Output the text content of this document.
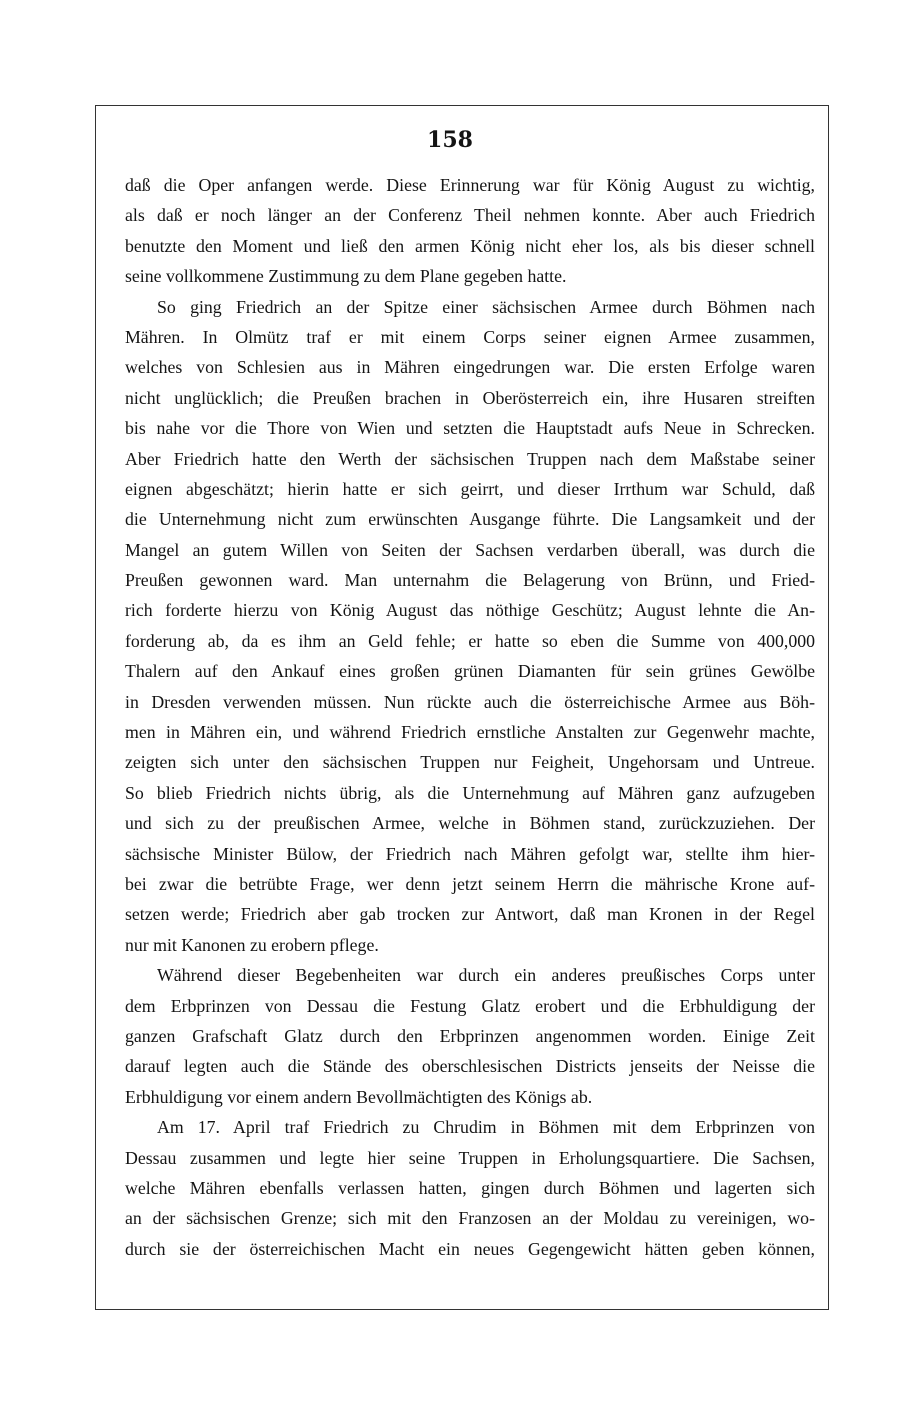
158
daß die Oper anfangen werde. Diese Erinnerung war für König August zu wichtig,
als daß er noch länger an der Conferenz Theil nehmen konnte. Aber auch Friedrich
benutzte den Moment und ließ den armen König nicht eher los, als bis dieser schnell
seine vollkommene Zustimmung zu dem Plane gegeben hatte.
So ging Friedrich an der Spitze einer sächsischen Armee durch Böhmen nach
Mähren. In Olmütz traf er mit einem Corps seiner eignen Armee zusammen,
welches von Schlesien aus in Mähren eingedrungen war. Die ersten Erfolge waren
nicht unglücklich; die Preußen brachen in Oberösterreich ein, ihre Husaren streiften
bis nahe vor die Thore von Wien und setzten die Hauptstadt aufs Neue in Schrecken.
Aber Friedrich hatte den Werth der sächsischen Truppen nach dem Maßstabe seiner
eignen abgeschätzt; hierin hatte er sich geirrt, und dieser Irrthum war Schuld, daß
die Unternehmung nicht zum erwünschten Ausgange führte. Die Langsamkeit und der
Mangel an gutem Willen von Seiten der Sachsen verdarben überall, was durch die
Preußen gewonnen ward. Man unternahm die Belagerung von Brünn, und Fried-
rich forderte hierzu von König August das nöthige Geschütz; August lehnte die An-
forderung ab, da es ihm an Geld fehle; er hatte so eben die Summe von 400,000
Thalern auf den Ankauf eines großen grünen Diamanten für sein grünes Gewölbe
in Dresden verwenden müssen. Nun rückte auch die österreichische Armee aus Böh-
men in Mähren ein, und während Friedrich ernstliche Anstalten zur Gegenwehr machte,
zeigten sich unter den sächsischen Truppen nur Feigheit, Ungehorsam und Untreue.
So blieb Friedrich nichts übrig, als die Unternehmung auf Mähren ganz aufzugeben
und sich zu der preußischen Armee, welche in Böhmen stand, zurückzuziehen. Der
sächsische Minister Bülow, der Friedrich nach Mähren gefolgt war, stellte ihm hier-
bei zwar die betrübte Frage, wer denn jetzt seinem Herrn die mährische Krone auf-
setzen werde; Friedrich aber gab trocken zur Antwort, daß man Kronen in der Regel
nur mit Kanonen zu erobern pflege.
Während dieser Begebenheiten war durch ein anderes preußisches Corps unter
dem Erbprinzen von Dessau die Festung Glatz erobert und die Erbhuldigung der
ganzen Grafschaft Glatz durch den Erbprinzen angenommen worden. Einige Zeit
darauf legten auch die Stände des oberschlesischen Districts jenseits der Neisse die
Erbhuldigung vor einem andern Bevollmächtigten des Königs ab.
Am 17. April traf Friedrich zu Chrudim in Böhmen mit dem Erbprinzen von
Dessau zusammen und legte hier seine Truppen in Erholungsquartiere. Die Sachsen,
welche Mähren ebenfalls verlassen hatten, gingen durch Böhmen und lagerten sich
an der sächsischen Grenze; sich mit den Franzosen an der Moldau zu vereinigen, wo-
durch sie der österreichischen Macht ein neues Gegengewicht hätten geben können,
